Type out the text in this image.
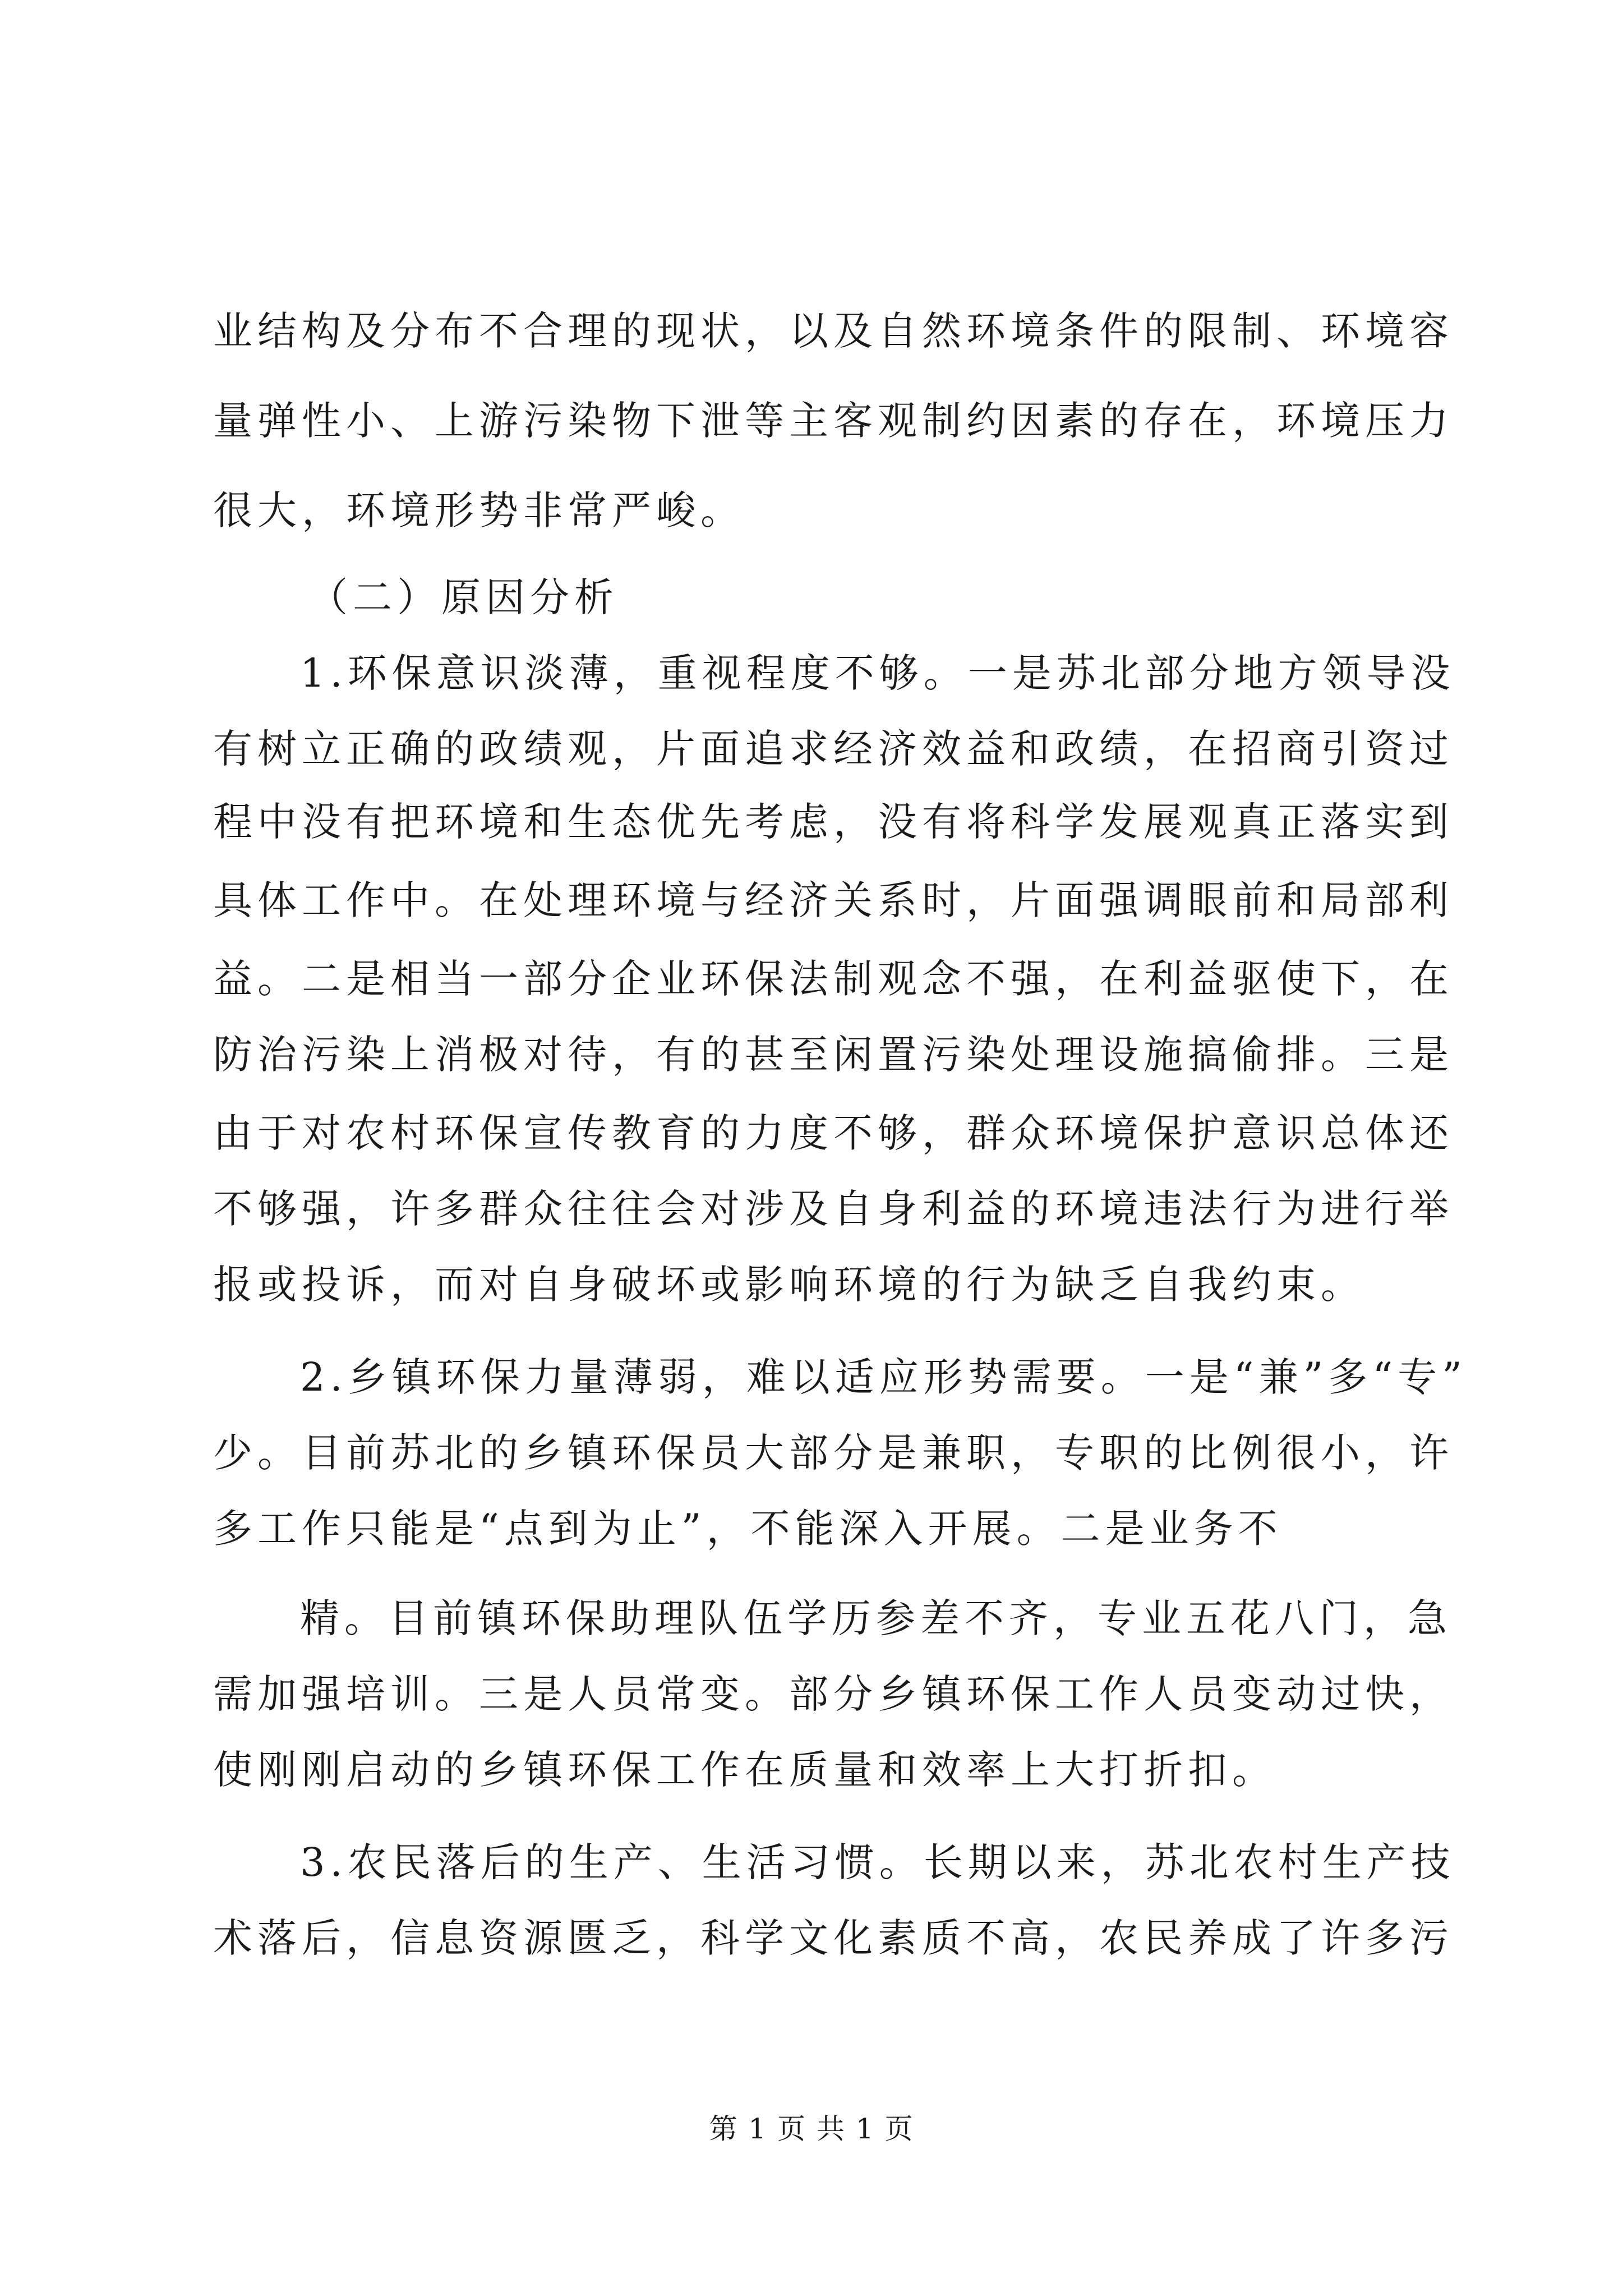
业结构及分布不合理的现状，以及自然环境条件的限制、环境容

量弹性小、上游污染物下泄等主客观制约因素的存在，环境压力

很大，环境形势非常严峻。

（二）原因分析

1.环保意识淡薄，重视程度不够。一是苏北部分地方领导没

有树立正确的政绩观，片面追求经济效益和政绩，在招商引资过

程中没有把环境和生态优先考虑，没有将科学发展观真正落实到

具体工作中。在处理环境与经济关系时，片面强调眼前和局部利

益。二是相当一部分企业环保法制观念不强，在利益驱使下，在

防治污染上消极对待，有的甚至闲置污染处理设施搞偷排。三是

由于对农村环保宣传教育的力度不够，群众环境保护意识总体还

不够强，许多群众往往会对涉及自身利益的环境违法行为进行举

报或投诉，而对自身破坏或影响环境的行为缺乏自我约束。

2.乡镇环保力量薄弱，难以适应形势需要。一是“兼”多“专”

少。目前苏北的乡镇环保员大部分是兼职，专职的比例很小，许

多工作只能是“点到为止”，不能深入开展。二是业务不

精。目前镇环保助理队伍学历参差不齐，专业五花八门，急

需加强培训。三是人员常变。部分乡镇环保工作人员变动过快，

使刚刚启动的乡镇环保工作在质量和效率上大打折扣。

3.农民落后的生产、生活习惯。长期以来，苏北农村生产技

术落后，信息资源匮乏，科学文化素质不高，农民养成了许多污

第 1 页 共 1 页
